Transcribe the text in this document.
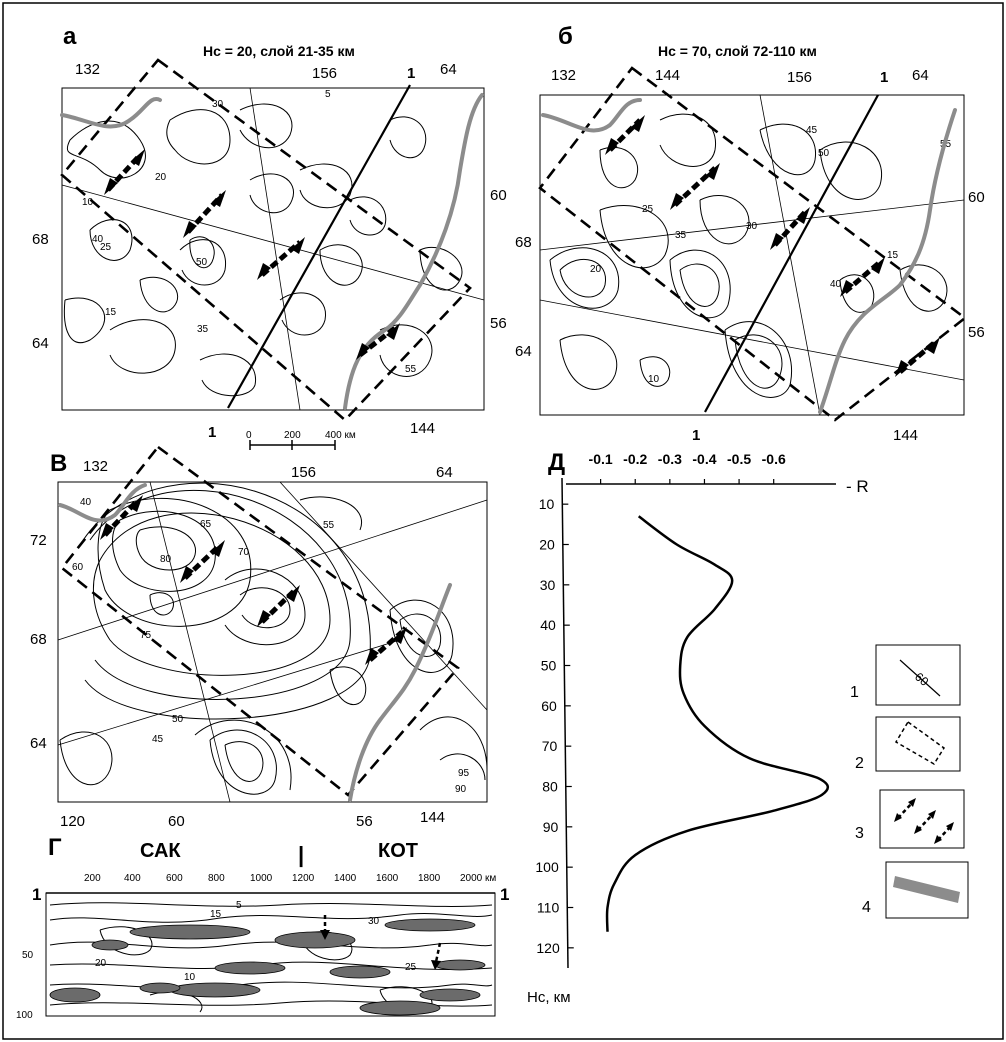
а
Нс = 20, слой 21-35 км
5
10
20
25
30
15
40
50
35
55
132	156	1 64
60
68
56
64
1	144
0	200 400 км
б
Нс = 70, слой 72-110 км
10
20
25
30
35
40
45
50
55
15
132	144	156	1 64
60
68
56
64
1	144
В
40
55
60
65
70
75
80
45
50
90
95
132	156	64
72
68
64
120	60	56	144
Г	САК	|	КОТ
1	1
200 400	600	800	1000 1200 1400 1600 1800 2000 км
50
100
5
10
15
20	25
30
Д
- R
Нс, км
-0.1 -0.2 -0.3 -0.4 -0.5 -0.6
10
20
30
40
50
60
70
80
90
100
110
120
1
60
2
3
4
